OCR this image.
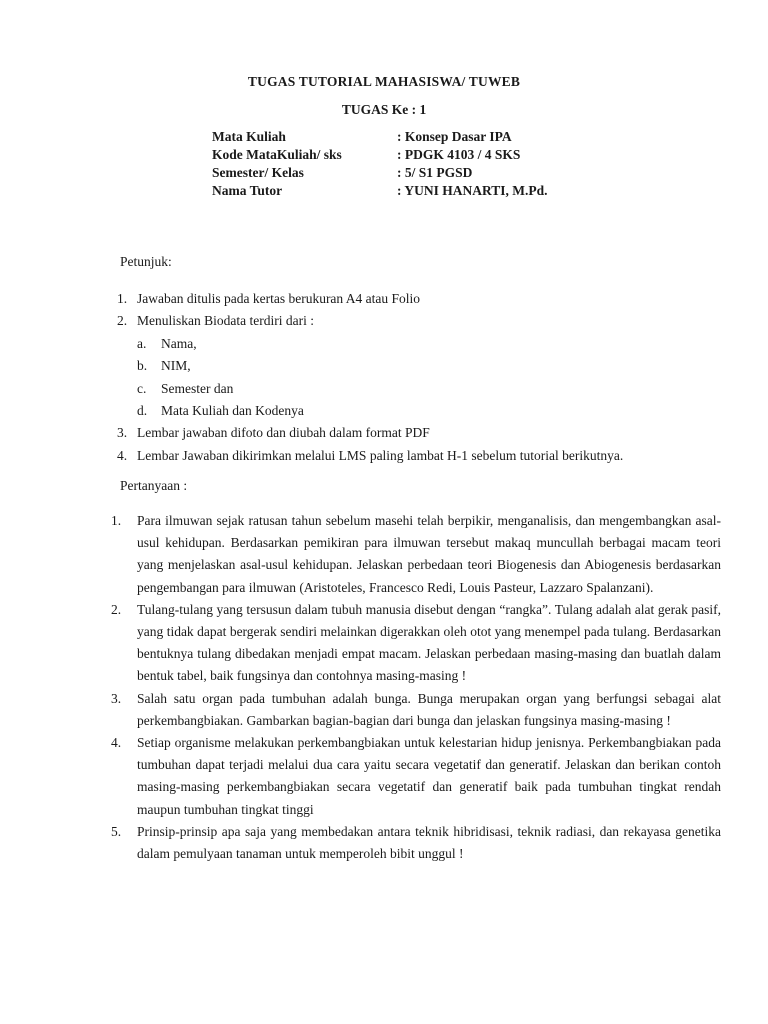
TUGAS TUTORIAL MAHASISWA/ TUWEB
TUGAS Ke : 1
Mata Kuliah	: Konsep Dasar IPA
Kode MataKuliah/ sks	: PDGK 4103 / 4 SKS
Semester/ Kelas	: 5/ S1 PGSD
Nama Tutor	: YUNI HANARTI, M.Pd.
Petunjuk:
1. Jawaban ditulis pada kertas berukuran A4 atau Folio
2. Menuliskan Biodata terdiri dari :
a.	Nama,
b.	NIM,
c.	Semester dan
d.	Mata Kuliah dan Kodenya
3. Lembar jawaban difoto dan diubah dalam format PDF
4. Lembar Jawaban dikirimkan melalui LMS paling lambat H-1 sebelum tutorial berikutnya.
Pertanyaan :
1.	Para ilmuwan sejak ratusan tahun sebelum masehi telah berpikir, menganalisis, dan mengembangkan asal-usul kehidupan. Berdasarkan pemikiran para ilmuwan tersebut makaq muncullah berbagai macam teori yang menjelaskan asal-usul kehidupan. Jelaskan perbedaan teori Biogenesis dan Abiogenesis berdasarkan pengembangan para ilmuwan (Aristoteles, Francesco Redi, Louis Pasteur, Lazzaro Spalanzani).
2.	Tulang-tulang yang tersusun dalam tubuh manusia disebut dengan “rangka”. Tulang adalah alat gerak pasif, yang tidak dapat bergerak sendiri melainkan digerakkan oleh otot yang menempel pada tulang. Berdasarkan bentuknya tulang dibedakan menjadi empat macam. Jelaskan perbedaan masing-masing dan buatlah dalam bentuk tabel, baik fungsinya dan contohnya masing-masing !
3.	Salah satu organ pada tumbuhan adalah bunga. Bunga merupakan organ yang berfungsi sebagai alat perkembangbiakan. Gambarkan bagian-bagian dari bunga dan jelaskan fungsinya masing-masing !
4.	Setiap organisme melakukan perkembangbiakan untuk kelestarian hidup jenisnya. Perkembangbiakan pada tumbuhan dapat terjadi melalui dua cara yaitu secara vegetatif dan generatif. Jelaskan dan berikan contoh masing-masing perkembangbiakan secara vegetatif dan generatif baik pada tumbuhan tingkat rendah maupun tumbuhan tingkat tinggi
5.	Prinsip-prinsip apa saja yang membedakan antara teknik hibridisasi, teknik radiasi, dan rekayasa genetika dalam pemulyaan tanaman untuk memperoleh bibit unggul !
